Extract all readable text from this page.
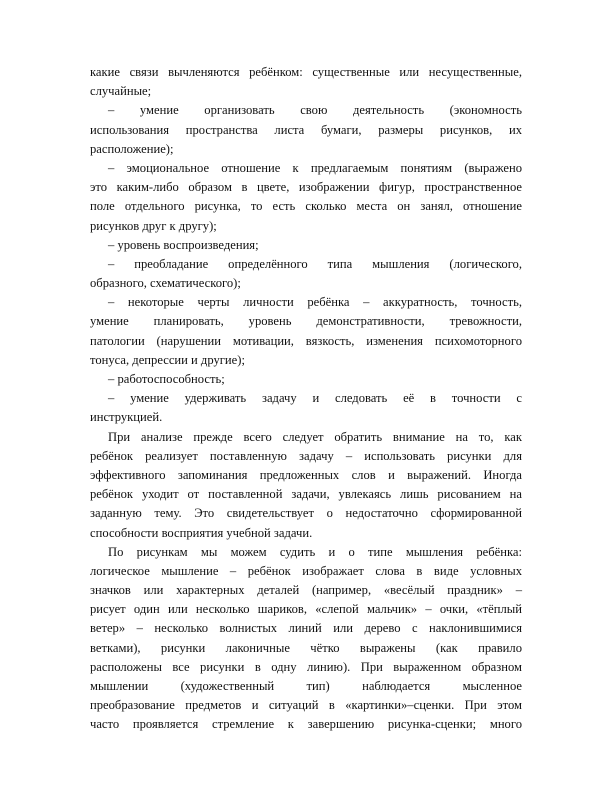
какие связи вычленяются ребёнком: существенные или несущественные,
случайные;
– умение организовать свою деятельность (экономность
использования пространства листа бумаги, размеры рисунков, их
расположение);
– эмоциональное отношение к предлагаемым понятиям (выражено
это каким-либо образом в цвете, изображении фигур, пространственное
поле отдельного рисунка, то есть сколько места он занял, отношение
рисунков друг к другу);
– уровень воспроизведения;
– преобладание определённого типа мышления (логического,
образного, схематического);
– некоторые черты личности ребёнка – аккуратность, точность,
умение планировать, уровень демонстративности, тревожности,
патологии (нарушении мотивации, вязкость, изменения психомоторного
тонуса, депрессии и другие);
– работоспособность;
– умение удерживать задачу и следовать её в точности с
инструкцией.
При анализе прежде всего следует обратить внимание на то, как
ребёнок реализует поставленную задачу – использовать рисунки для
эффективного запоминания предложенных слов и выражений. Иногда
ребёнок уходит от поставленной задачи, увлекаясь лишь рисованием на
заданную тему. Это свидетельствует о недостаточно сформированной
способности восприятия учебной задачи.
По рисункам мы можем судить и о типе мышления ребёнка:
логическое мышление – ребёнок изображает слова в виде условных
значков или характерных деталей (например, «весёлый праздник» –
рисует один или несколько шариков, «слепой мальчик» – очки, «тёплый
ветер» – несколько волнистых линий или дерево с наклонившимися
ветками), рисунки лаконичные чётко выражены (как правило
расположены все рисунки в одну линию). При выраженном образном
мышлении (художественный тип) наблюдается мысленное
преобразование предметов и ситуаций в «картинки»–сценки. При этом
часто проявляется стремление к завершению рисунка-сценки; много
